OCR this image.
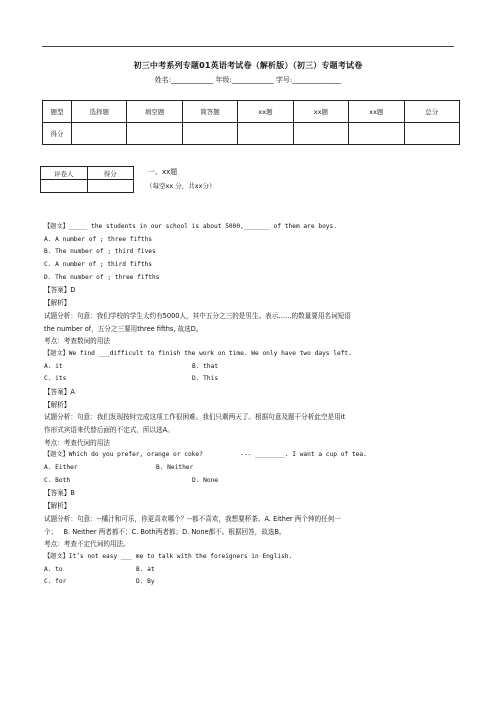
初三中考系列专题01英语考试卷（解析版）（初三）专题考试卷
姓名:____________ 年级:____________ 学号:______________
题型	选择题	填空题	简答题	xx题	xx题	xx题	总分
得分							
评卷人	得分
		一、xx题
（每空xx 分，共xx分）
【题文】_____ the students in our school is about 5000,_______ of them are boys.
A. A number of ; three fifths
B. The number of ; third fives
C. A number of ; third fifths
D. The number of ; three fifths
【答案】D
【解析】
试题分析：句意：我们学校的学生大约有5000人，其中五分之三的是男生。表示……的数量要用名词短语
the number of，五分之三要用three fifths, 故选D。
考点：考查数词的用法
【题文】We find ___difficult to finish the work on time. We only have two days left.
A. it	B. that
C. its	D. This
【答案】A
【解析】
试题分析：句意：我们发现按时完成这项工作很困难。我们只剩两天了。根据句意及题干分析此空是用it
作形式宾语来代替后面的不定式，所以选A。
考点：考查代词的用法
【题文】Which do you prefer, orange or coke?          --- ________. I want a cup of tea.
A. Either	B. Neither
C. Both	D. None
【答案】B
【解析】
试题分析：句意：--橘汁和可乐，你更喜欢哪个？--都不喜欢，我想要杯茶。A. Either 两个钟的任何一
个；   B. Neither 两者都不；C. Both两者都；D. None都不。根据回答，故选B。
考点：考查不定代词的用法。
【题文】It’s not easy ___ me to talk with the foreigners in English.
A. to	B. at
C. for	D. By
